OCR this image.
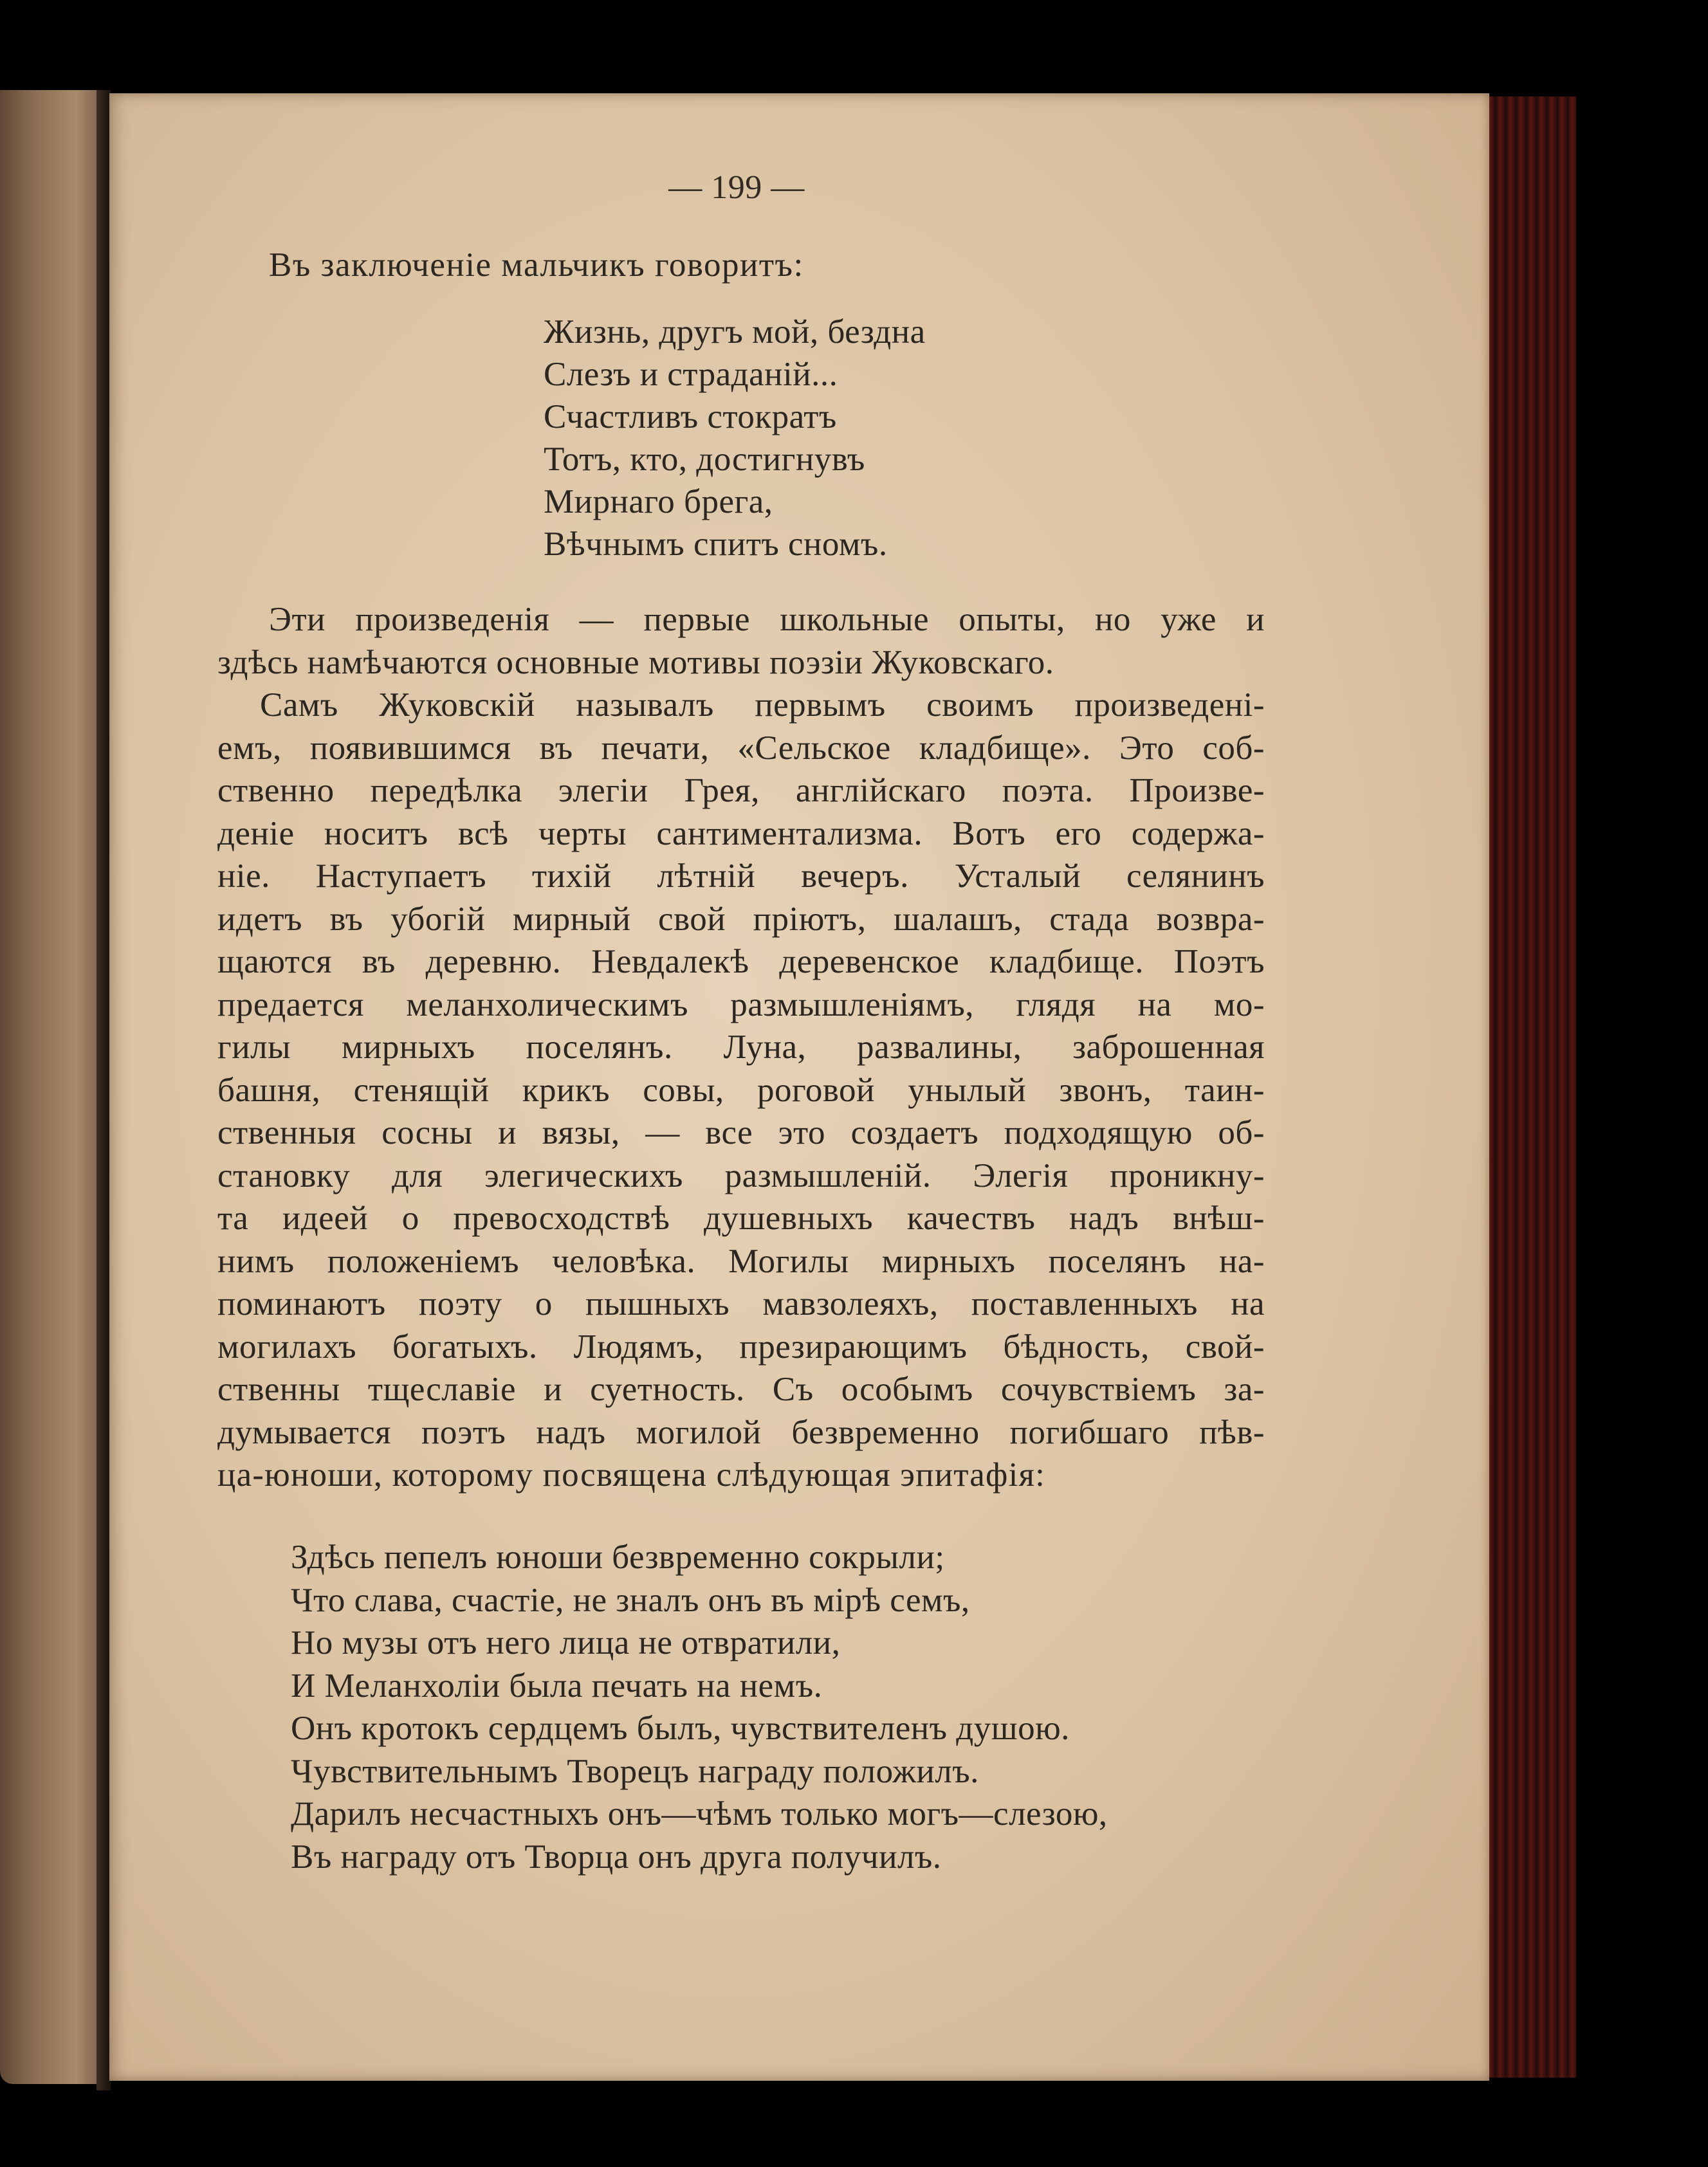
— 199 —
Въ заключеніе мальчикъ говоритъ:
Жизнь, другъ мой, бездна
Слезъ и страданій...
Счастливъ стократъ
Тотъ, кто, достигнувъ
Мирнаго брега,
Вѣчнымъ спитъ сномъ.
Эти произведенія — первые школьные опыты, но уже и
здѣсь намѣчаются основные мотивы поэзіи Жуковскаго.
Самъ Жуковскій называлъ первымъ своимъ произведені-
емъ, появившимся въ печати, «Сельское кладбище». Это соб-
ственно передѣлка элегіи Грея, англійскаго поэта. Произве-
деніе носитъ всѣ черты сантиментализма. Вотъ его содержа-
ніе. Наступаетъ тихій лѣтній вечеръ. Усталый селянинъ
идетъ въ убогій мирный свой пріютъ, шалашъ, стада возвра-
щаются въ деревню. Невдалекѣ деревенское кладбище. Поэтъ
предается меланхолическимъ размышленіямъ, глядя на мо-
гилы мирныхъ поселянъ. Луна, развалины, заброшенная
башня, стенящій крикъ совы, роговой унылый звонъ, таин-
ственныя сосны и вязы, — все это создаетъ подходящую об-
становку для элегическихъ размышленій. Элегія проникну-
та идеей о превосходствѣ душевныхъ качествъ надъ внѣш-
нимъ положеніемъ человѣка. Могилы мирныхъ поселянъ на-
поминаютъ поэту о пышныхъ мавзолеяхъ, поставленныхъ на
могилахъ богатыхъ. Людямъ, презирающимъ бѣдность, свой-
ственны тщеславіе и суетность. Съ особымъ сочувствіемъ за-
думывается поэтъ надъ могилой безвременно погибшаго пѣв-
ца-юноши, которому посвящена слѣдующая эпитафія:
Здѣсь пепелъ юноши безвременно сокрыли;
Что слава, счастіе, не зналъ онъ въ мірѣ семъ,
Но музы отъ него лица не отвратили,
И Меланхоліи была печать на немъ.
Онъ кротокъ сердцемъ былъ, чувствителенъ душою.
Чувствительнымъ Творецъ награду положилъ.
Дарилъ несчастныхъ онъ—чѣмъ только могъ—слезою,
Въ награду отъ Творца онъ друга получилъ.
